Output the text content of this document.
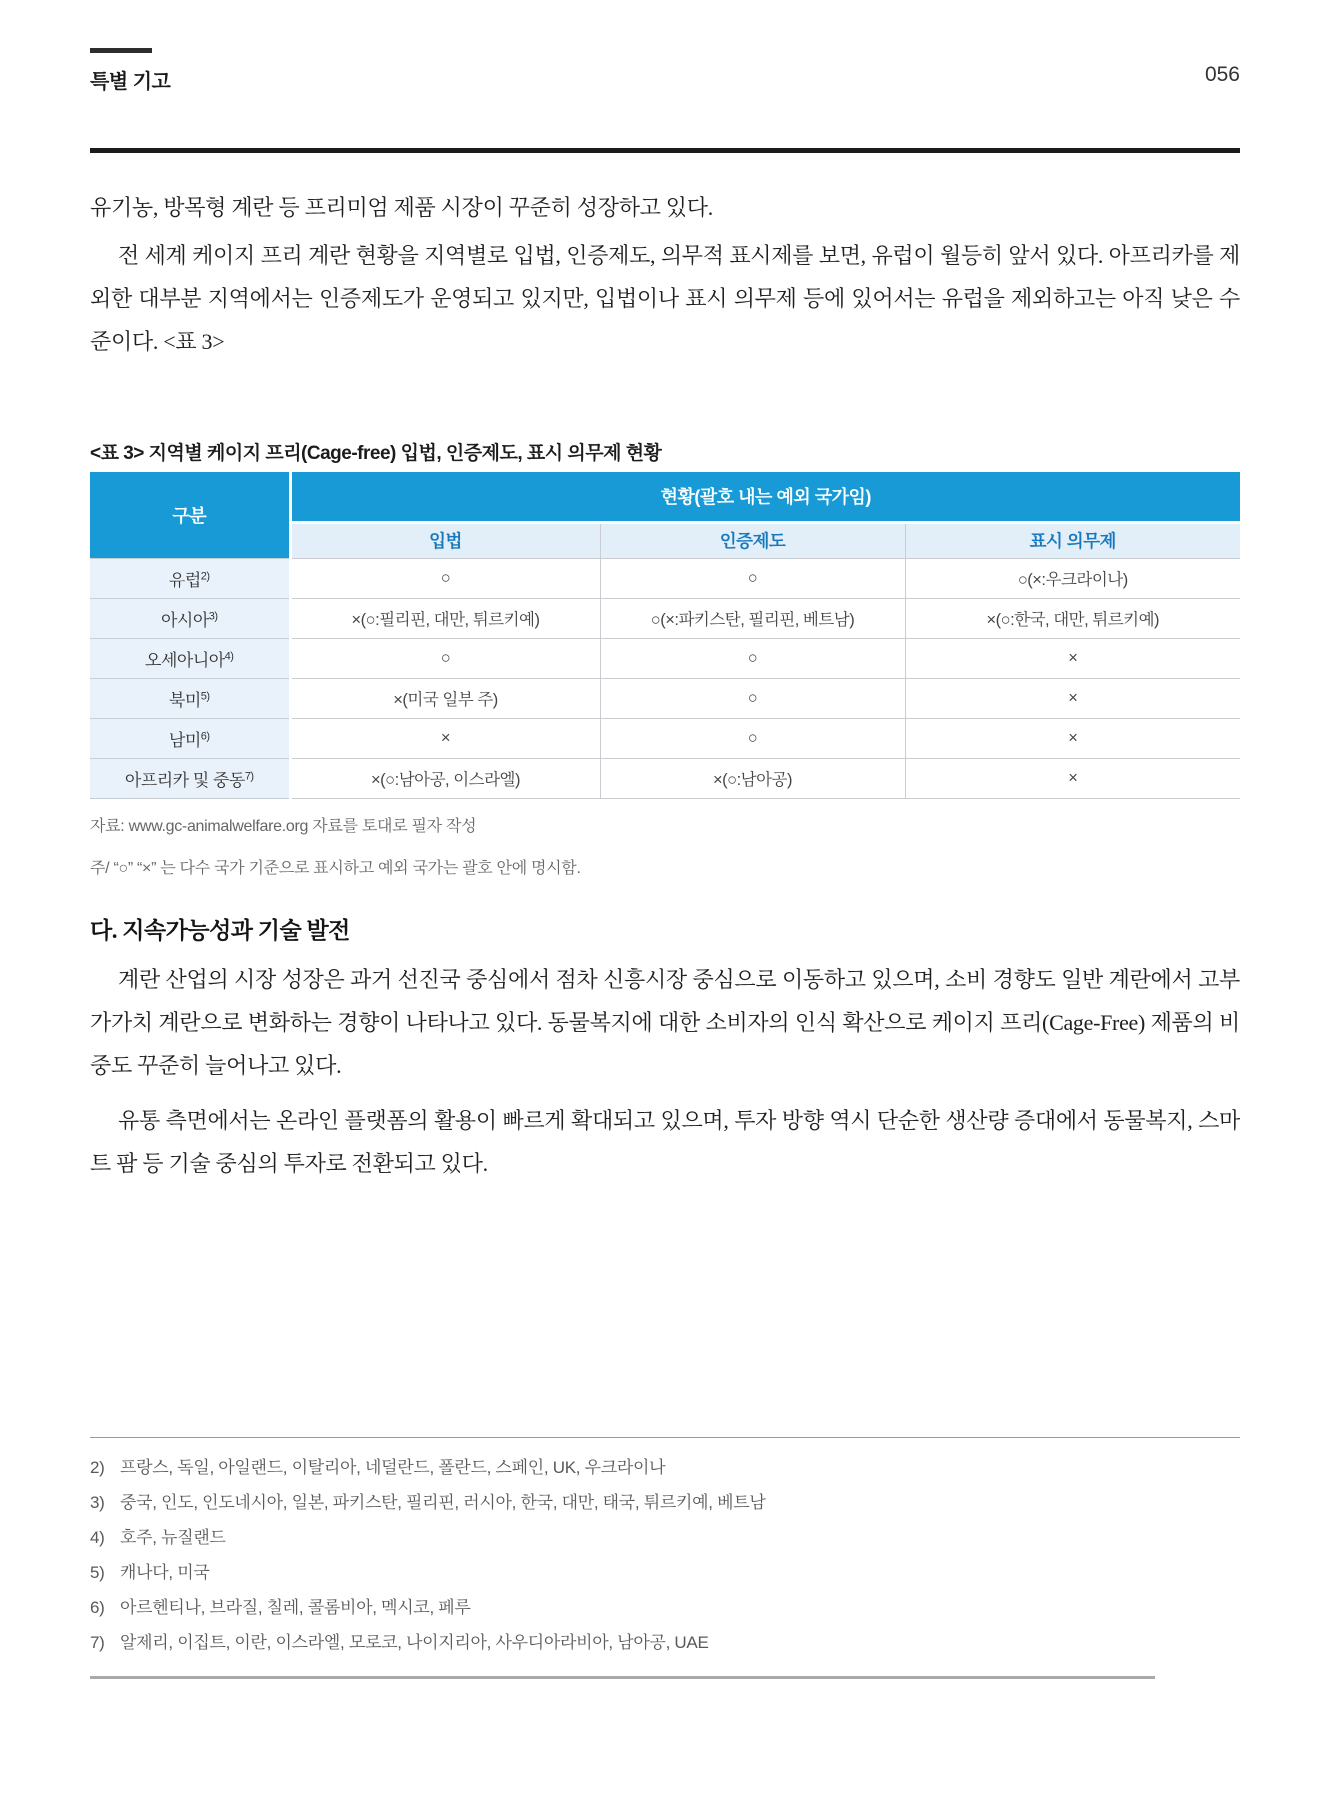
특별 기고	056

유기농, 방목형 계란 등 프리미엄 제품 시장이 꾸준히 성장하고 있다.

전 세계 케이지 프리 계란 현황을 지역별로 입법, 인증제도, 의무적 표시제를 보면, 유럽이 월등히 앞서 있다. 아프리카를 제외한 대부분 지역에서는 인증제도가 운영되고 있지만, 입법이나 표시 의무제 등에 있어서는 유럽을 제외하고는 아직 낮은 수준이다. <표 3>

<표 3> 지역별 케이지 프리(Cage-free) 입법, 인증제도, 표시 의무제 현황
구분	현황(괄호 내는 예외 국가임)		
	입법	인증제도	표시 의무제
유럽$^{2)}$	○	○	○(×:우크라이나)
아시아$^{3)}$	×(○:필리핀, 대만, 튀르키예)	○(×:파키스탄, 필리핀, 베트남)	×(○:한국, 대만, 튀르키예)
오세아니아$^{4)}$	○	○	×
북미$^{5)}$	×(미국 일부 주)	○	×
남미$^{6)}$	×	○	×
아프리카 및 중동$^{7)}$	×(○:남아공, 이스라엘)	×(○:남아공)	×
자료: www.gc-animalwelfare.org 자료를 토대로 필자 작성
주/ “○” “×” 는 다수 국가 기준으로 표시하고 예외 국가는 괄호 안에 명시함.
다. 지속가능성과 기술 발전

계란 산업의 시장 성장은 과거 선진국 중심에서 점차 신흥시장 중심으로 이동하고 있으며, 소비 경향도 일반 계란에서 고부가가치 계란으로 변화하는 경향이 나타나고 있다. 동물복지에 대한 소비자의 인식 확산으로 케이지 프리(Cage-Free) 제품의 비중도 꾸준히 늘어나고 있다.

유통 측면에서는 온라인 플랫폼의 활용이 빠르게 확대되고 있으며, 투자 방향 역시 단순한 생산량 증대에서 동물복지, 스마트 팜 등 기술 중심의 투자로 전환되고 있다.

2) 프랑스, 독일, 아일랜드, 이탈리아, 네덜란드, 폴란드, 스페인, UK, 우크라이나
3) 중국, 인도, 인도네시아, 일본, 파키스탄, 필리핀, 러시아, 한국, 대만, 태국, 튀르키예, 베트남
4) 호주, 뉴질랜드
5) 캐나다, 미국
6) 아르헨티나, 브라질, 칠레, 콜롬비아, 멕시코, 페루
7) 알제리, 이집트, 이란, 이스라엘, 모로코, 나이지리아, 사우디아라비아, 남아공, UAE
